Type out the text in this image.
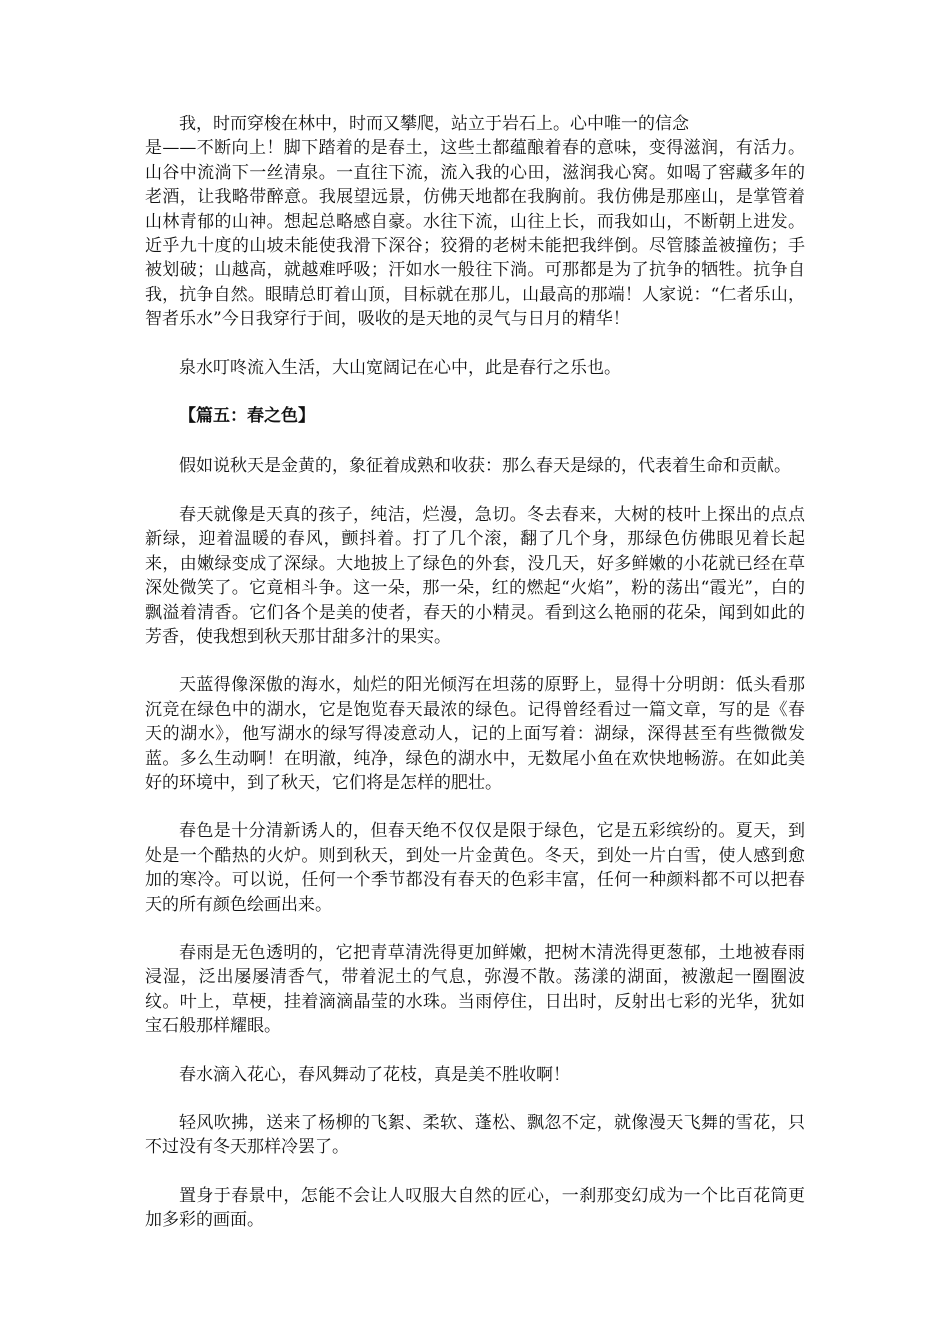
我，时而穿梭在林中，时而又攀爬，站立于岩石上。心中唯一的信念
是——不断向上！脚下踏着的是春土，这些土都蕴酿着春的意味，变得滋润，有活力。山谷中流淌下一丝清泉。一直往下流，流入我的心田，滋润我心窝。如喝了窖藏多年的老酒，让我略带醉意。我展望远景，仿佛天地都在我胸前。我仿佛是那座山，是掌管着山林青郁的山神。想起总略感自豪。水往下流，山往上长，而我如山，不断朝上进发。近乎九十度的山坡未能使我滑下深谷；狡猾的老树未能把我绊倒。尽管膝盖被撞伤；手被划破；山越高，就越难呼吸；汗如水一般往下淌。可那都是为了抗争的牺牲。抗争自我，抗争自然。眼睛总盯着山顶，目标就在那儿，山最高的那端！人家说：“仁者乐山，智者乐水”今日我穿行于间，吸收的是天地的灵气与日月的精华！

泉水叮咚流入生活，大山宽阔记在心中，此是春行之乐也。

【篇五：春之色】

假如说秋天是金黄的，象征着成熟和收获：那么春天是绿的，代表着生命和贡献。

春天就像是天真的孩子，纯洁，烂漫，急切。冬去春来，大树的枝叶上探出的点点新绿，迎着温暖的春风，颤抖着。打了几个滚，翻了几个身，那绿色仿佛眼见着长起来，由嫩绿变成了深绿。大地披上了绿色的外套，没几天，好多鲜嫩的小花就已经在草深处微笑了。它竟相斗争。这一朵，那一朵，红的燃起“火焰”，粉的荡出“霞光”，白的飘溢着清香。它们各个是美的使者，春天的小精灵。看到这么艳丽的花朵，闻到如此的芳香，使我想到秋天那甘甜多汁的果实。

天蓝得像深傲的海水，灿烂的阳光倾泻在坦荡的原野上，显得十分明朗：低头看那沉竞在绿色中的湖水，它是饱览春天最浓的绿色。记得曾经看过一篇文章，写的是《春天的湖水》，他写湖水的绿写得凌意动人，记的上面写着：湖绿，深得甚至有些微微发蓝。多么生动啊！在明澈，纯净，绿色的湖水中，无数尾小鱼在欢快地畅游。在如此美好的环境中，到了秋天，它们将是怎样的肥壮。

春色是十分清新诱人的，但春天绝不仅仅是限于绿色，它是五彩缤纷的。夏天，到处是一个酷热的火炉。则到秋天，到处一片金黄色。冬天，到处一片白雪，使人感到愈加的寒冷。可以说，任何一个季节都没有春天的色彩丰富，任何一种颜料都不可以把春天的所有颜色绘画出来。

春雨是无色透明的，它把青草清洗得更加鲜嫩，把树木清洗得更葱郁，土地被春雨浸湿，泛出屡屡清香气，带着泥土的气息，弥漫不散。荡漾的湖面，被激起一圈圈波纹。叶上，草梗，挂着滴滴晶莹的水珠。当雨停住，日出时，反射出七彩的光华，犹如宝石般那样耀眼。

春水滴入花心，春风舞动了花枝，真是美不胜收啊！

轻风吹拂，送来了杨柳的飞絮、柔软、蓬松、飘忽不定，就像漫天飞舞的雪花，只不过没有冬天那样冷罢了。

置身于春景中，怎能不会让人叹服大自然的匠心，一刹那变幻成为一个比百花筒更加多彩的画面。
